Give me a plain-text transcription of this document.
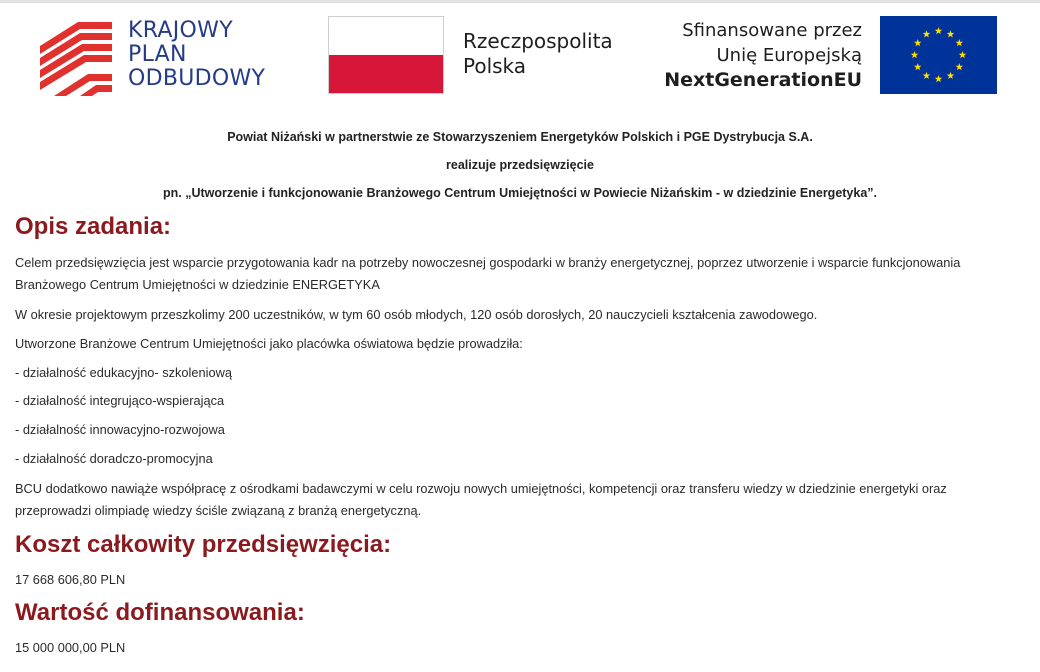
KRAJOWY
PLAN
ODBUDOWY
Rzeczpospolita
Polska
Sfinansowane przez
Unię Europejską
NextGenerationEU
Powiat Niżański w partnerstwie ze Stowarzyszeniem Energetyków Polskich i PGE Dystrybucja S.A.
realizuje przedsięwzięcie
pn. „Utworzenie i funkcjonowanie Branżowego Centrum Umiejętności w Powiecie Niżańskim - w dziedzinie Energetyka”.
Opis zadania:

Celem przedsięwzięcia jest wsparcie przygotowania kadr na potrzeby nowoczesnej gospodarki w branży energetycznej, poprzez utworzenie i wsparcie funkcjonowania Branżowego Centrum Umiejętności w dziedzinie ENERGETYKA

W okresie projektowym przeszkolimy 200 uczestników, w tym 60 osób młodych, 120 osób dorosłych, 20 nauczycieli kształcenia zawodowego.

Utworzone Branżowe Centrum Umiejętności jako placówka oświatowa będzie prowadziła:

- działalność edukacyjno- szkoleniową

- działalność integrująco-wspierająca

- działalność innowacyjno-rozwojowa

- działalność doradczo-promocyjna

BCU dodatkowo nawiąże współpracę z ośrodkami badawczymi w celu rozwoju nowych umiejętności, kompetencji oraz transferu wiedzy w dziedzinie energetyki oraz przeprowadzi olimpiadę wiedzy ściśle związaną z branżą energetyczną.

Koszt całkowity przedsięwzięcia:

17 668 606,80 PLN

Wartość dofinansowania:

15 000 000,00 PLN
